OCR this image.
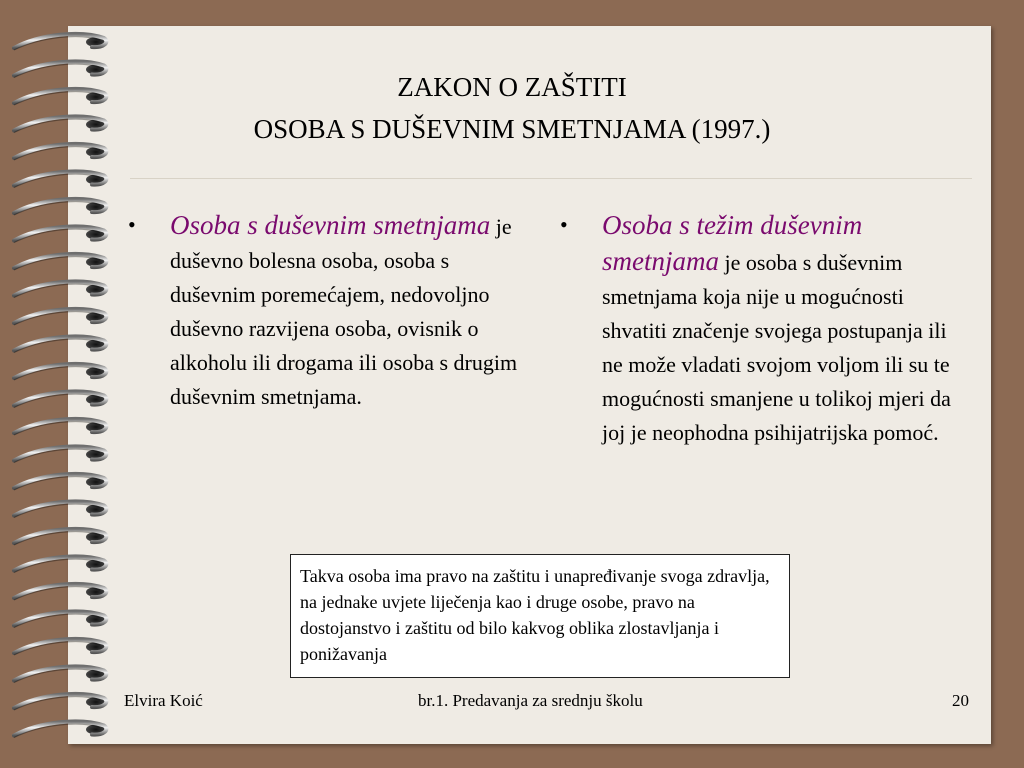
ZAKON O ZAŠTITI
OSOBA S DUŠEVNIM SMETNJAMA (1997.)
• Osoba s duševnim smetnjama je duševno bolesna osoba, osoba s duševnim poremećajem, nedovoljno duševno razvijena osoba, ovisnik o alkoholu ili drogama ili osoba s drugim duševnim smetnjama.
• Osoba s težim duševnim smetnjama je osoba s duševnim smetnjama koja nije u mogućnosti shvatiti značenje svojega postupanja ili ne može vladati svojom voljom ili su te mogućnosti smanjene u tolikoj mjeri da joj je neophodna psihijatrijska pomoć.
Takva osoba ima pravo na zaštitu i unapređivanje svoga zdravlja, na jednake uvjete liječenja kao i druge osobe, pravo na dostojanstvo i zaštitu od bilo kakvog oblika zlostavljanja i ponižavanja
Elvira Koić	br.1. Predavanja za srednju školu	20
